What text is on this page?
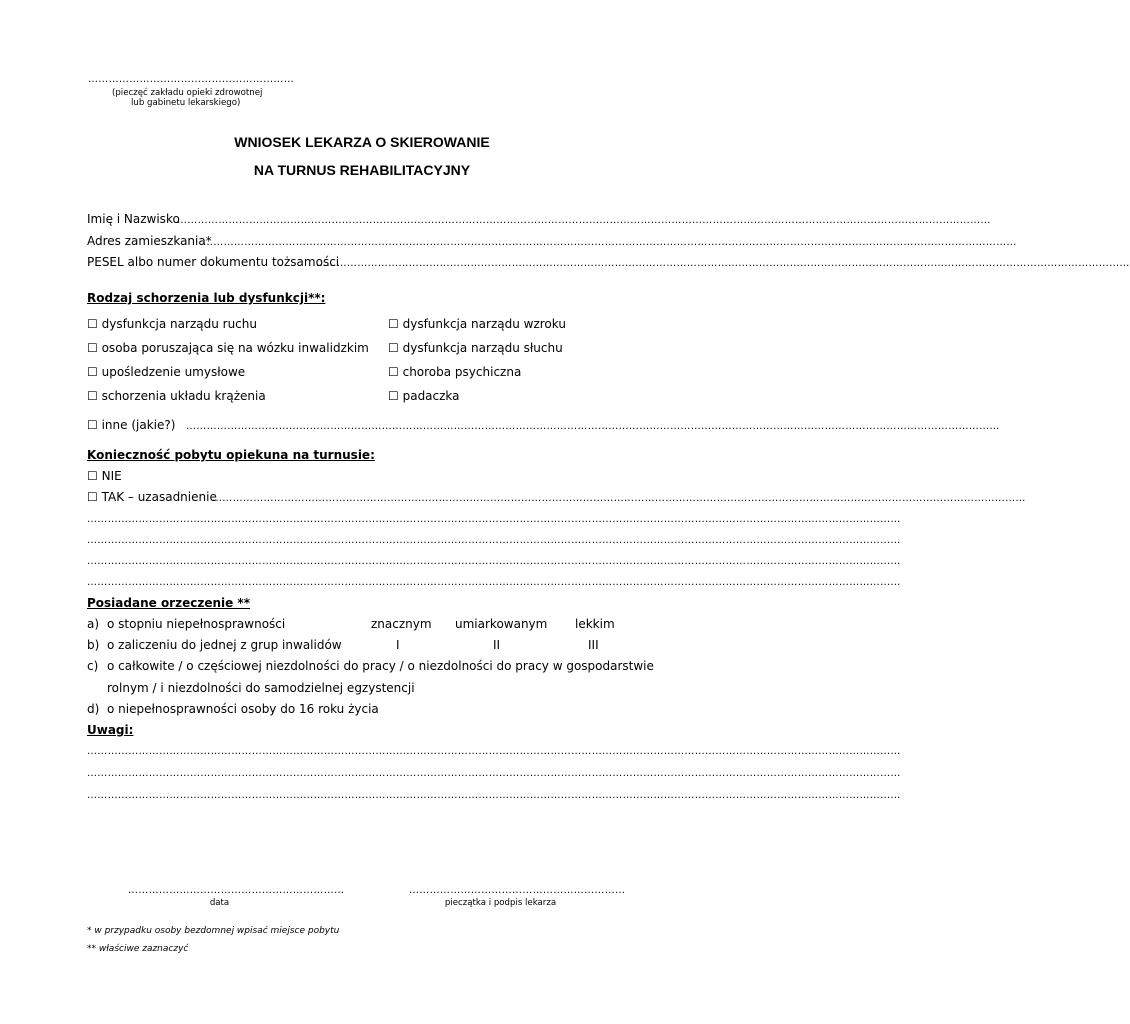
……………………………………………………
(pieczęć zakładu opieki zdrowotnej
lub gabinetu lekarskiego)
WNIOSEK LEKARZA O SKIEROWANIE
NA TURNUS REHABILITACYJNY
Imię i Nazwisko
…………………………………………………………………………………………………………………………………………………………………………………………………………………
Adres zamieszkania*
…………………………………………………………………………………………………………………………………………………………………………………………………………………
PESEL albo numer dokumentu tożsamości
…………………………………………………………………………………………………………………………………………………………………………………………………………………
Rodzaj schorzenia lub dysfunkcji**:
☐ dysfunkcja narządu ruchu
☐ osoba poruszająca się na wózku inwalidzkim
☐ upośledzenie umysłowe
☐ schorzenia układu krążenia
☐ dysfunkcja narządu wzroku
☐ dysfunkcja narządu słuchu
☐ choroba psychiczna
☐ padaczka
☐ inne (jakie?) …………………………………………………………………………………………………………………………………………………………………………………………………………………
Konieczność pobytu opiekuna na turnusie:
☐ NIE
☐ TAK – uzasadnienie
…………………………………………………………………………………………………………………………………………………………………………………………………………………
…………………………………………………………………………………………………………………………………………………………………………………………………………………
…………………………………………………………………………………………………………………………………………………………………………………………………………………
…………………………………………………………………………………………………………………………………………………………………………………………………………………
…………………………………………………………………………………………………………………………………………………………………………………………………………………
Posiadane orzeczenie **
a) o stopniu niepełnosprawności	znacznym umiarkowanym lekkim
b) o zaliczeniu do jednej z grup inwalidów	I	II	III
c) o całkowite / o częściowej niezdolności do pracy / o niezdolności do pracy w gospodarstwie
rolnym / i niezdolności do samodzielnej egzystencji
d) o niepełnosprawności osoby do 16 roku życia
Uwagi:
…………………………………………………………………………………………………………………………………………………………………………………………………………………
…………………………………………………………………………………………………………………………………………………………………………………………………………………
…………………………………………………………………………………………………………………………………………………………………………………………………………………
………………………………………………………
data
………………………………………………………
pieczątka i podpis lekarza
* w przypadku osoby bezdomnej wpisać miejsce pobytu
** właściwe zaznaczyć
